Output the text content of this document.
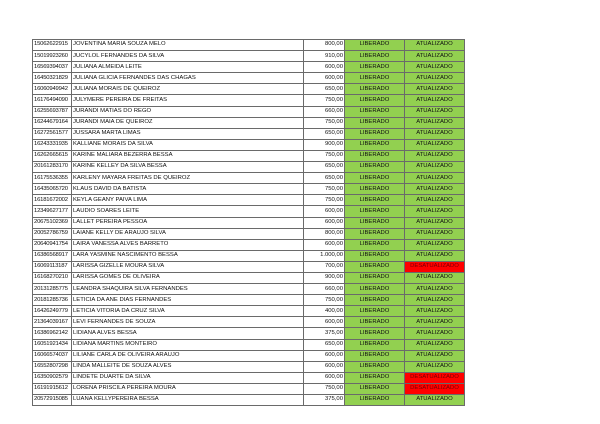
15062622915	JOVENTINA MARIA SOUZA MELO	800,00	LIBERADO	ATUALIZADO
15019923260	JUCYLOL FERNANDES DA SILVA	910,00	LIBERADO	ATUALIZADO
16569394037	JULIANA ALMEIDA LEITE	600,00	LIBERADO	ATUALIZADO
16450321829	JULIANA GLICIA FERNANDES DAS CHAGAS	600,00	LIBERADO	ATUALIZADO
16060949942	JULIANA MORAIS DE QUEIROZ	650,00	LIBERADO	ATUALIZADO
16176494090	JULYMERE PEREIRA DE FREITAS	750,00	LIBERADO	ATUALIZADO
16255693787	JURANDI MATIAS DO REGO	660,00	LIBERADO	ATUALIZADO
16244679164	JURANDI MAIA DE QUEIROZ	750,00	LIBERADO	ATUALIZADO
16272561577	JUSSARA MARTA LIMAS	650,00	LIBERADO	ATUALIZADO
16243331935	KALLIANE MORAIS DA SILVA	900,00	LIBERADO	ATUALIZADO
16262665615	KARINE MALIARA BEZERRA BESSA	750,00	LIBERADO	ATUALIZADO
20161283170	KARINE KELLEY DA SILVA BESSA	650,00	LIBERADO	ATUALIZADO
16175536355	KARLENY MAYARA FREITAS DE QUEIROZ	650,00	LIBERADO	ATUALIZADO
16435065720	KLAUS DAVID DA BATISTA	750,00	LIBERADO	ATUALIZADO
16181672002	KEYLA GEANY PAIVA LIMA	750,00	LIBERADO	ATUALIZADO
12349627177	LAUDIO SOARES LEITE	600,00	LIBERADO	ATUALIZADO
20675102369	LALLET PEREIRA PESSOA	600,00	LIBERADO	ATUALIZADO
20052786759	LAIANE KELLY DE ARAUJO SILVA	800,00	LIBERADO	ATUALIZADO
20640941754	LAIRA VANESSA ALVES BARRETO	600,00	LIBERADO	ATUALIZADO
16386568917	LARA YASMINE NASCIMENTO BESSA	1.000,00	LIBERADO	ATUALIZADO
16069113187	LARISSA GIZELLE MOURA SILVA	700,00	LIBERADO	DESATUALIZADO
16168270210	LARISSA GOMES DE OLIVEIRA	900,00	LIBERADO	ATUALIZADO
20131285775	LEANDRA SHAQUIRA SILVA FERNANDES	660,00	LIBERADO	ATUALIZADO
20181285736	LETICIA DA ANE DIAS FERNANDES	750,00	LIBERADO	ATUALIZADO
16426249779	LETICIA VITORIA DA CRUZ SILVA	400,00	LIBERADO	ATUALIZADO
21364039167	LEVI FERNANDES DE SOUZA	600,00	LIBERADO	ATUALIZADO
16386962142	LIDIANA ALVES BESSA	375,00	LIBERADO	ATUALIZADO
16051921434	LIDIANA MARTINS MONTEIRO	650,00	LIBERADO	ATUALIZADO
16066574037	LILIANE CARLA DE OLIVEIRA ARAUJO	600,00	LIBERADO	ATUALIZADO
16552807298	LINDA MALLEITE DE SOUZA ALVES	600,00	LIBERADO	ATUALIZADO
16350902579	LINDETE DUARTE DA SILVA	600,00	LIBERADO	DESATUALIZADO
16191915612	LORENA PRISCILA PEREIRA MOURA	750,00	LIBERADO	DESATUALIZADO
20572915085	LUANA KELLYPEREIRA BESSA	375,00	LIBERADO	ATUALIZADO
